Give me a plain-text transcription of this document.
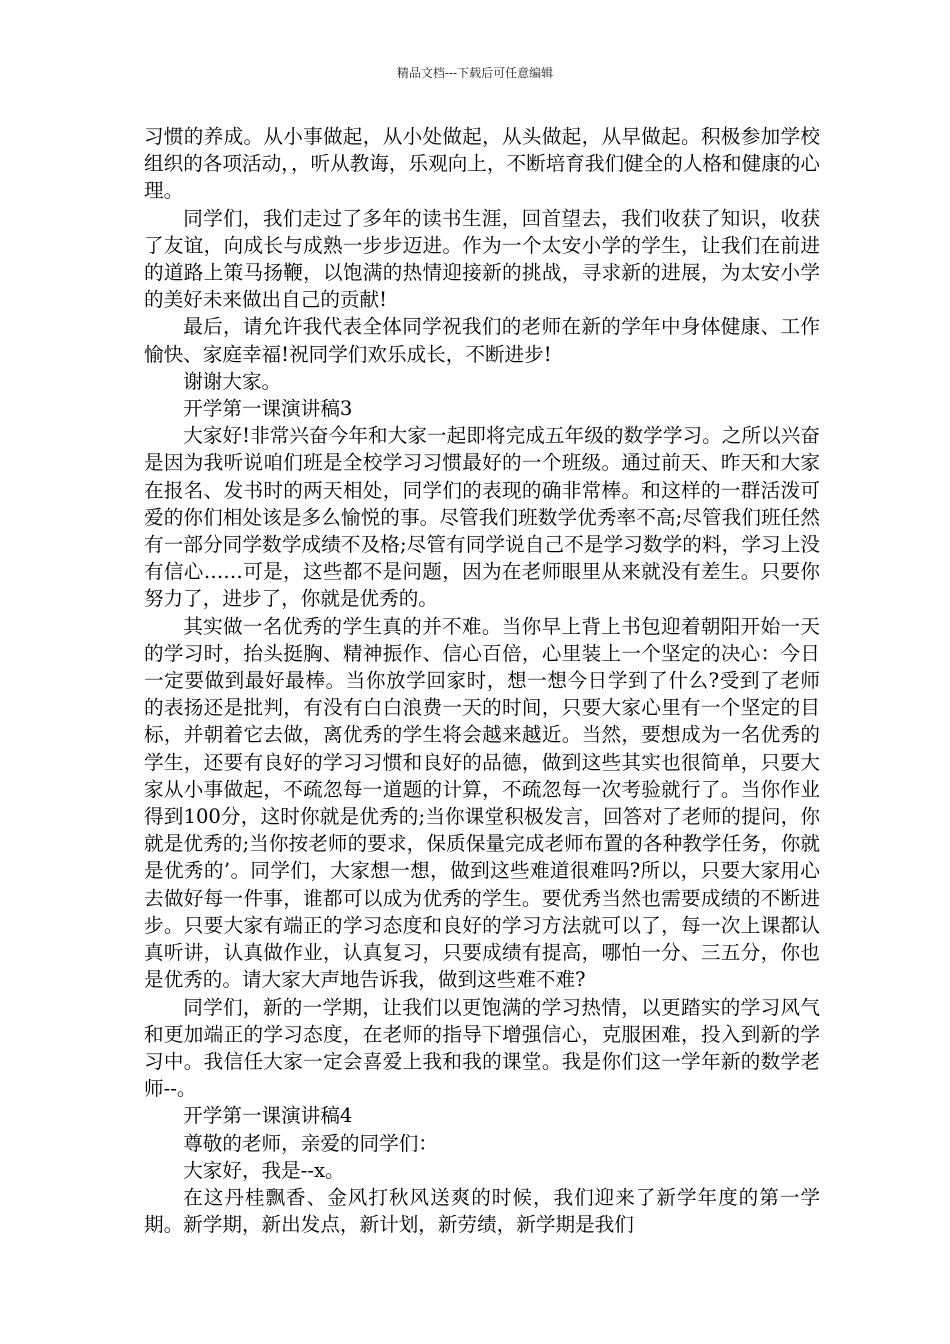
精品文档---下载后可任意编辑

习惯的养成。从小事做起，从小处做起，从头做起，从早做起。积极参加学校组织的各项活动，，听从教诲，乐观向上，不断培育我们健全的人格和健康的心理。

同学们，我们走过了多年的读书生涯，回首望去，我们收获了知识，收获了友谊，向成长与成熟一步步迈进。作为一个太安小学的学生，让我们在前进的道路上策马扬鞭，以饱满的热情迎接新的挑战，寻求新的进展，为太安小学的美好未来做出自己的贡献!

最后，请允许我代表全体同学祝我们的老师在新的学年中身体健康、工作愉快、家庭幸福!祝同学们欢乐成长，不断进步!

谢谢大家。

开学第一课演讲稿3

大家好!非常兴奋今年和大家一起即将完成五年级的数学学习。之所以兴奋是因为我听说咱们班是全校学习习惯最好的一个班级。通过前天、昨天和大家在报名、发书时的两天相处，同学们的表现的确非常棒。和这样的一群活泼可爱的你们相处该是多么愉悦的事。尽管我们班数学优秀率不高;尽管我们班任然有一部分同学数学成绩不及格;尽管有同学说自己不是学习数学的料，学习上没有信心……可是，这些都不是问题，因为在老师眼里从来就没有差生。只要你努力了，进步了，你就是优秀的。

其实做一名优秀的学生真的并不难。当你早上背上书包迎着朝阳开始一天的学习时，抬头挺胸、精神振作、信心百倍，心里装上一个坚定的决心：今日一定要做到最好最棒。当你放学回家时，想一想今日学到了什么?受到了老师的表扬还是批判，有没有白白浪费一天的时间，只要大家心里有一个坚定的目标，并朝着它去做，离优秀的学生将会越来越近。当然，要想成为一名优秀的学生，还要有良好的学习习惯和良好的品德，做到这些其实也很简单，只要大家从小事做起，不疏忽每一道题的计算，不疏忽每一次考验就行了。当你作业得到100分，这时你就是优秀的;当你课堂积极发言，回答对了老师的提问，你就是优秀的;当你按老师的要求，保质保量完成老师布置的各种教学任务，你就是优秀的’。同学们，大家想一想，做到这些难道很难吗?所以，只要大家用心去做好每一件事，谁都可以成为优秀的学生。要优秀当然也需要成绩的不断进步。只要大家有端正的学习态度和良好的学习方法就可以了，每一次上课都认真听讲，认真做作业，认真复习，只要成绩有提高，哪怕一分、三五分，你也是优秀的。请大家大声地告诉我，做到这些难不难?

同学们，新的一学期，让我们以更饱满的学习热情，以更踏实的学习风气和更加端正的学习态度，在老师的指导下增强信心，克服困难，投入到新的学习中。我信任大家一定会喜爱上我和我的课堂。我是你们这一学年新的数学老师--。

开学第一课演讲稿4

尊敬的老师，亲爱的同学们：

大家好，我是--x。

在这丹桂飘香、金风打秋风送爽的时候，我们迎来了新学年度的第一学期。新学期，新出发点，新计划，新劳绩，新学期是我们
